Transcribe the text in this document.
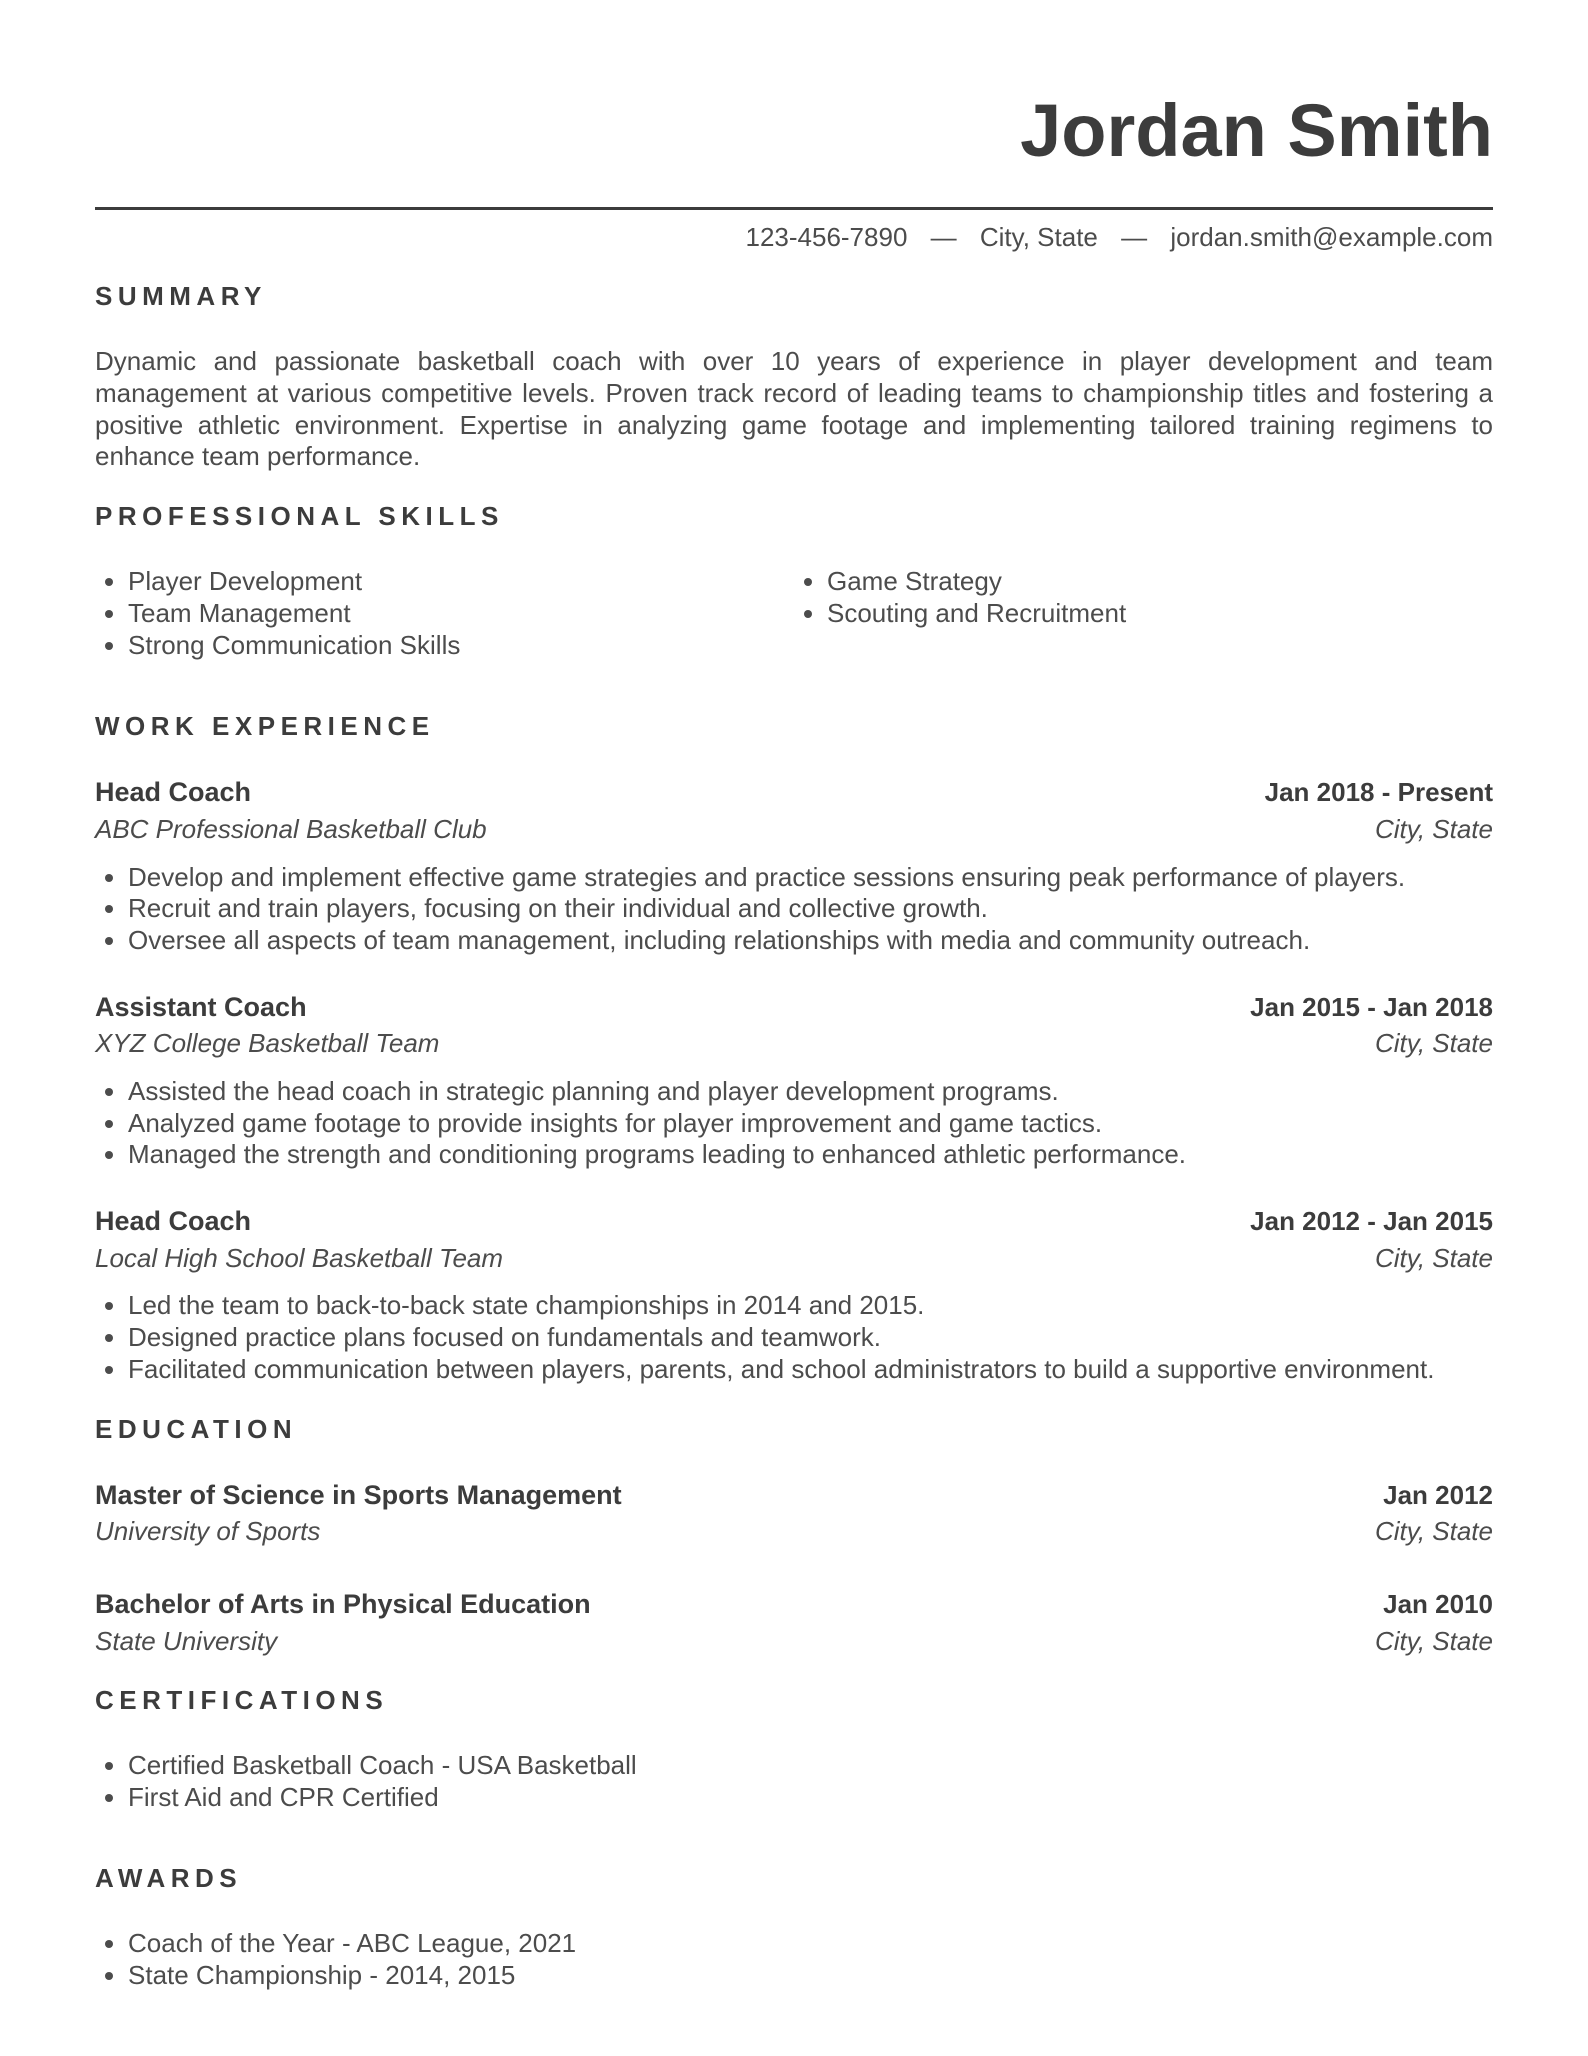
Jordan Smith
123-456-7890 — City, State — jordan.smith@example.com
SUMMARY

Dynamic and passionate basketball coach with over 10 years of experience in player development and team management at various competitive levels. Proven track record of leading teams to championship titles and fostering a positive athletic environment. Expertise in analyzing game footage and implementing tailored training regimens to enhance team performance.

PROFESSIONAL SKILLS
• Player Development
• Team Management
• Strong Communication Skills
• Game Strategy
• Scouting and Recruitment
WORK EXPERIENCE
Head Coach	Jan 2018 - Present
ABC Professional Basketball Club	City, State
• Develop and implement effective game strategies and practice sessions ensuring peak performance of players.
• Recruit and train players, focusing on their individual and collective growth.
• Oversee all aspects of team management, including relationships with media and community outreach.
Assistant Coach	Jan 2015 - Jan 2018
XYZ College Basketball Team	City, State
• Assisted the head coach in strategic planning and player development programs.
• Analyzed game footage to provide insights for player improvement and game tactics.
• Managed the strength and conditioning programs leading to enhanced athletic performance.
Head Coach	Jan 2012 - Jan 2015
Local High School Basketball Team	City, State
• Led the team to back-to-back state championships in 2014 and 2015.
• Designed practice plans focused on fundamentals and teamwork.
• Facilitated communication between players, parents, and school administrators to build a supportive environment.
EDUCATION
Master of Science in Sports Management	Jan 2012
University of Sports	City, State
Bachelor of Arts in Physical Education	Jan 2010
State University	City, State
CERTIFICATIONS
• Certified Basketball Coach - USA Basketball
• First Aid and CPR Certified
AWARDS
• Coach of the Year - ABC League, 2021
• State Championship - 2014, 2015
